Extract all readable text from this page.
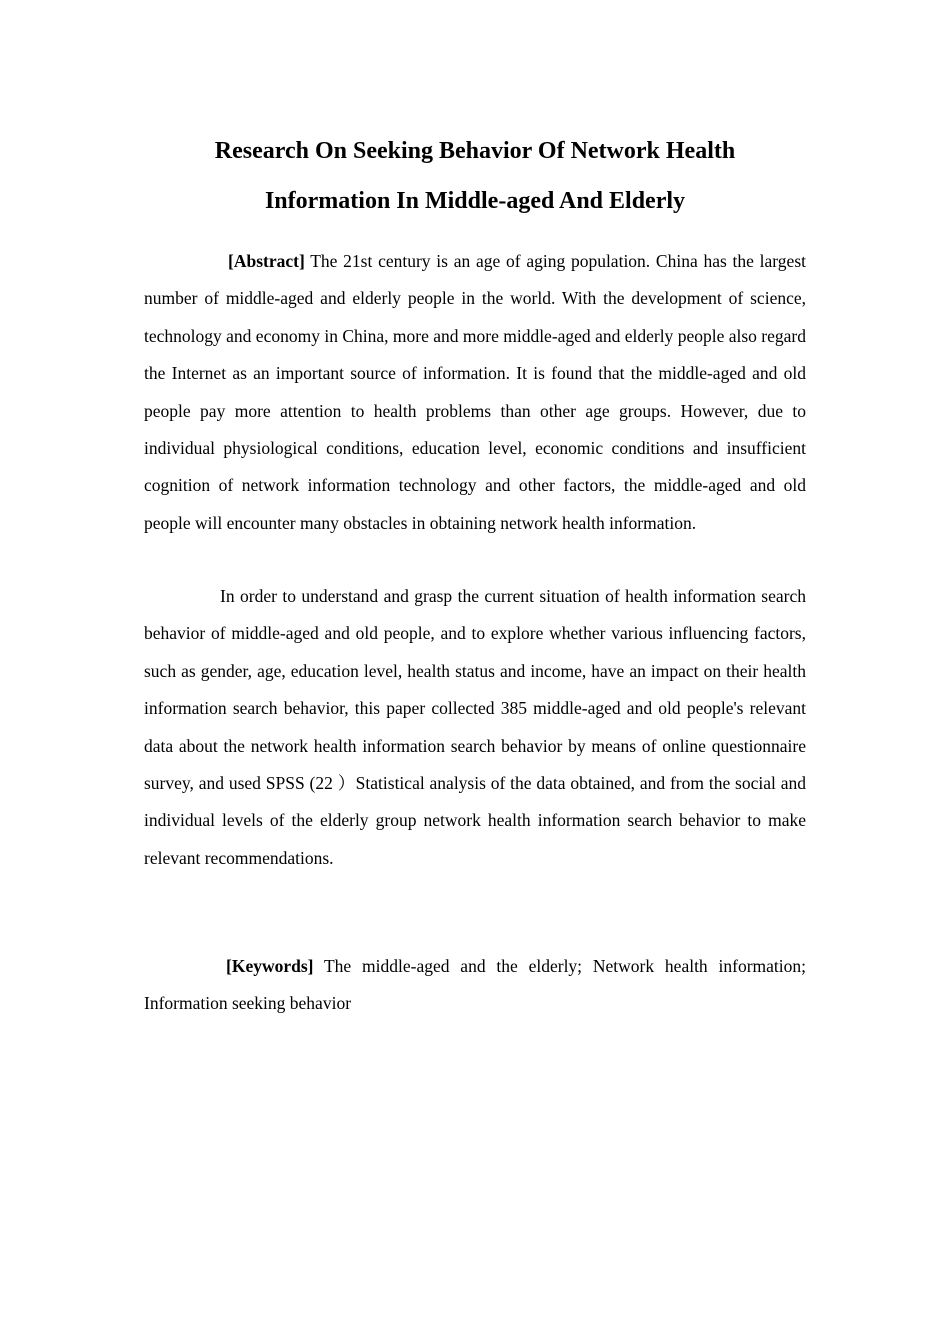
Research On Seeking Behavior Of Network Health
Information In Middle-aged And Elderly

[Abstract] The 21st century is an age of aging population. China has the largest number of middle-aged and elderly people in the world. With the development of science, technology and economy in China, more and more middle-aged and elderly people also regard the Internet as an important source of information. It is found that the middle-aged and old people pay more attention to health problems than other age groups. However, due to individual physiological conditions, education level, economic conditions and insufficient cognition of network information technology and other factors, the middle-aged and old people will encounter many obstacles in obtaining network health information.

In order to understand and grasp the current situation of health information search behavior of middle-aged and old people, and to explore whether various influencing factors, such as gender, age, education level, health status and income, have an impact on their health information search behavior, this paper collected 385 middle-aged and old people's relevant data about the network health information search behavior by means of online questionnaire survey, and used SPSS (22 ）Statistical analysis of the data obtained, and from the social and individual levels of the elderly group network health information search behavior to make relevant recommendations.

[Keywords] The middle-aged and the elderly; Network health information; Information seeking behavior
